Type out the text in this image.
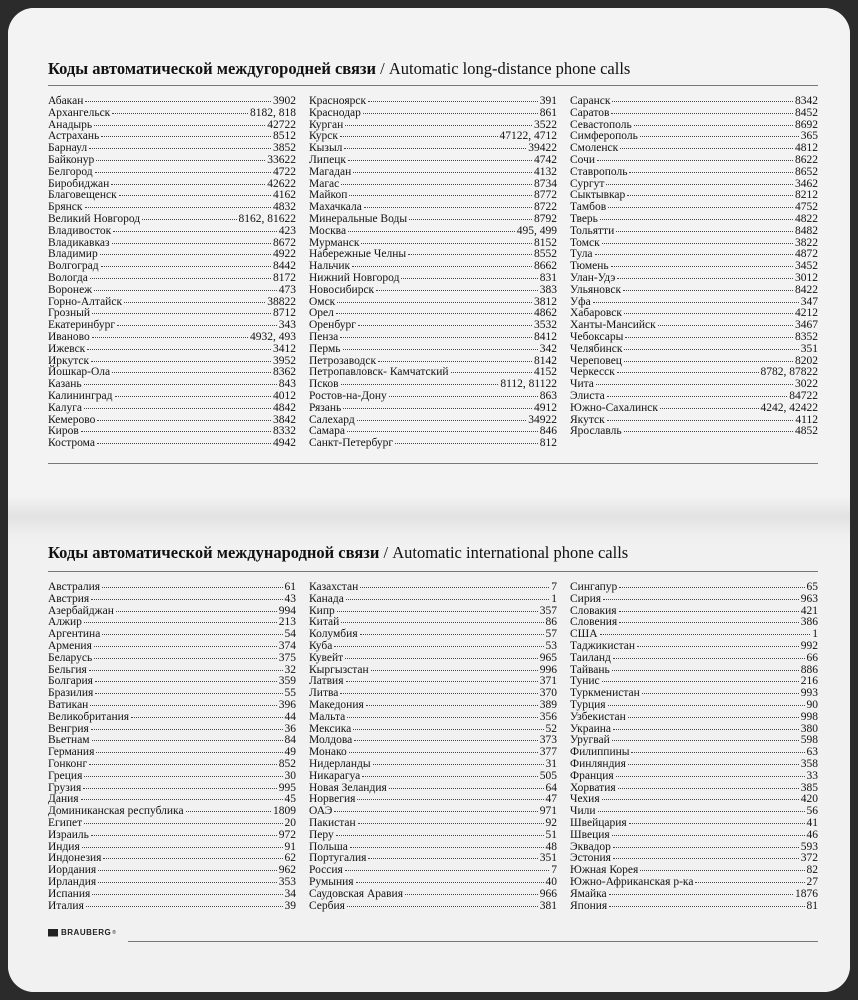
Коды автоматической междугородней связи / Automatic long-distance phone calls
Абакан	3902
Архангельск	8182, 818
Анадырь	42722
Астрахань	8512
Барнаул	3852
Байконур	33622
Белгород	4722
Биробиджан	42622
Благовещенск	4162
Брянск	4832
Великий Новгород	8162, 81622
Владивосток	423
Владикавказ	8672
Владимир	4922
Волгоград	8442
Вологда	8172
Воронеж	473
Горно-Алтайск	38822
Грозный	8712
Екатеринбург	343
Иваново	4932, 493
Ижевск	3412
Иркутск	3952
Йошкар-Ола	8362
Казань	843
Калининград	4012
Калуга	4842
Кемерово	3842
Киров	8332
Кострома	4942
Красноярск	391
Краснодар	861
Курган	3522
Курск	47122, 4712
Кызыл	39422
Липецк	4742
Магадан	4132
Магас	8734
Майкоп	8772
Махачкала	8722
Минеральные Воды	8792
Москва	495, 499
Мурманск	8152
Набережные Челны	8552
Нальчик	8662
Нижний Новгород	831
Новосибирск	383
Омск	3812
Орел	4862
Оренбург	3532
Пенза	8412
Пермь	342
Петрозаводск	8142
Петропавловск- Камчатский	4152
Псков	8112, 81122
Ростов-на-Дону	863
Рязань	4912
Салехард	34922
Самара	846
Санкт-Петербург	812
Саранск	8342
Саратов	8452
Севастополь	8692
Симферополь	365
Смоленск	4812
Сочи	8622
Ставрополь	8652
Сургут	3462
Сыктывкар	8212
Тамбов	4752
Тверь	4822
Тольятти	8482
Томск	3822
Тула	4872
Тюмень	3452
Улан-Удэ	3012
Ульяновск	8422
Уфа	347
Хабаровск	4212
Ханты-Мансийск	3467
Чебоксары	8352
Челябинск	351
Череповец	8202
Черкесск	8782, 87822
Чита	3022
Элиста	84722
Южно-Сахалинск	4242, 42422
Якутск	4112
Ярославль	4852
Коды автоматической международной связи / Automatic international phone calls
Австралия	61
Австрия	43
Азербайджан	994
Алжир	213
Аргентина	54
Армения	374
Беларусь	375
Бельгия	32
Болгария	359
Бразилия	55
Ватикан	396
Великобритания	44
Венгрия	36
Вьетнам	84
Германия	49
Гонконг	852
Греция	30
Грузия	995
Дания	45
Доминиканская республика	1809
Египет	20
Израиль	972
Индия	91
Индонезия	62
Иордания	962
Ирландия	353
Испания	34
Италия	39
Казахстан	7
Канада	1
Кипр	357
Китай	86
Колумбия	57
Куба	53
Кувейт	965
Кыргызстан	996
Латвия	371
Литва	370
Македония	389
Мальта	356
Мексика	52
Молдова	373
Монако	377
Нидерланды	31
Никарагуа	505
Новая Зеландия	64
Норвегия	47
ОАЭ	971
Пакистан	92
Перу	51
Польша	48
Португалия	351
Россия	7
Румыния	40
Саудовская Аравия	966
Сербия	381
Сингапур	65
Сирия	963
Словакия	421
Словения	386
США	1
Таджикистан	992
Таиланд	66
Тайвань	886
Тунис	216
Туркменистан	993
Турция	90
Узбекистан	998
Украина	380
Уругвай	598
Филиппины	63
Финляндия	358
Франция	33
Хорватия	385
Чехия	420
Чили	56
Швейцария	41
Швеция	46
Эквадор	593
Эстония	372
Южная Корея	82
Южно-Африканская р-ка	27
Ямайка	1876
Япония	81
BRAUBERG ®
